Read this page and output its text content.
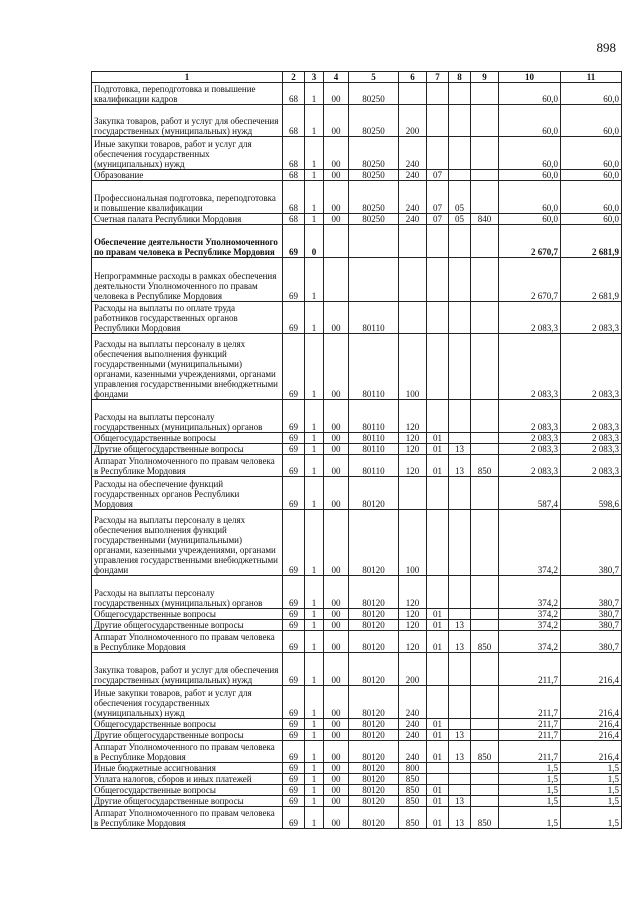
898
1	2	3	4	5	6	7	8	9	10	11
Подготовка, переподготовка и повышение квалификации кадров	68	1	00	80250					60,0	60,0
Закупка товаров, работ и услуг для обеспечения государственных (муниципальных) нужд	68	1	00	80250	200				60,0	60,0
Иные закупки товаров, работ и услуг для обеспечения государственных (муниципальных) нужд	68	1	00	80250	240				60,0	60,0
Образование	68	1	00	80250	240	07			60,0	60,0
Профессиональная подготовка, переподготовка и повышение квалификации	68	1	00	80250	240	07	05		60,0	60,0
Счетная палата Республики Мордовия	68	1	00	80250	240	07	05	840	60,0	60,0
Обеспечение деятельности Уполномоченного по правам человека в Республике Мордовия	69	0							2 670,7	2 681,9
Непрограммные расходы в рамках обеспечения деятельности Уполномоченного по правам человека в Республике Мордовия	69	1							2 670,7	2 681,9
Расходы на выплаты по оплате труда работников государственных органов Республики Мордовия	69	1	00	80110					2 083,3	2 083,3
Расходы на выплаты персоналу в целях обеспечения выполнения функций государственными (муниципальными) органами, казенными учреждениями, органами управления государственными внебюджетными фондами	69	1	00	80110	100				2 083,3	2 083,3
Расходы на выплаты персоналу государственных (муниципальных) органов	69	1	00	80110	120				2 083,3	2 083,3
Общегосударственные вопросы	69	1	00	80110	120	01			2 083,3	2 083,3
Другие общегосударственные вопросы	69	1	00	80110	120	01	13		2 083,3	2 083,3
Аппарат Уполномоченного по правам человека в Республике Мордовия	69	1	00	80110	120	01	13	850	2 083,3	2 083,3
Расходы на обеспечение функций государственных органов Республики Мордовия	69	1	00	80120					587,4	598,6
Расходы на выплаты персоналу в целях обеспечения выполнения функций государственными (муниципальными) органами, казенными учреждениями, органами управления государственными внебюджетными фондами	69	1	00	80120	100				374,2	380,7
Расходы на выплаты персоналу государственных (муниципальных) органов	69	1	00	80120	120				374,2	380,7
Общегосударственные вопросы	69	1	00	80120	120	01			374,2	380,7
Другие общегосударственные вопросы	69	1	00	80120	120	01	13		374,2	380,7
Аппарат Уполномоченного по правам человека в Республике Мордовия	69	1	00	80120	120	01	13	850	374,2	380,7
Закупка товаров, работ и услуг для обеспечения государственных (муниципальных) нужд	69	1	00	80120	200				211,7	216,4
Иные закупки товаров, работ и услуг для обеспечения государственных (муниципальных) нужд	69	1	00	80120	240				211,7	216,4
Общегосударственные вопросы	69	1	00	80120	240	01			211,7	216,4
Другие общегосударственные вопросы	69	1	00	80120	240	01	13		211,7	216,4
Аппарат Уполномоченного по правам человека в Республике Мордовия	69	1	00	80120	240	01	13	850	211,7	216,4
Иные бюджетные ассигнования	69	1	00	80120	800				1,5	1,5
Уплата налогов, сборов и иных платежей	69	1	00	80120	850				1,5	1,5
Общегосударственные вопросы	69	1	00	80120	850	01			1,5	1,5
Другие общегосударственные вопросы	69	1	00	80120	850	01	13		1,5	1,5
Аппарат Уполномоченного по правам человека в Республике Мордовия	69	1	00	80120	850	01	13	850	1,5	1,5
